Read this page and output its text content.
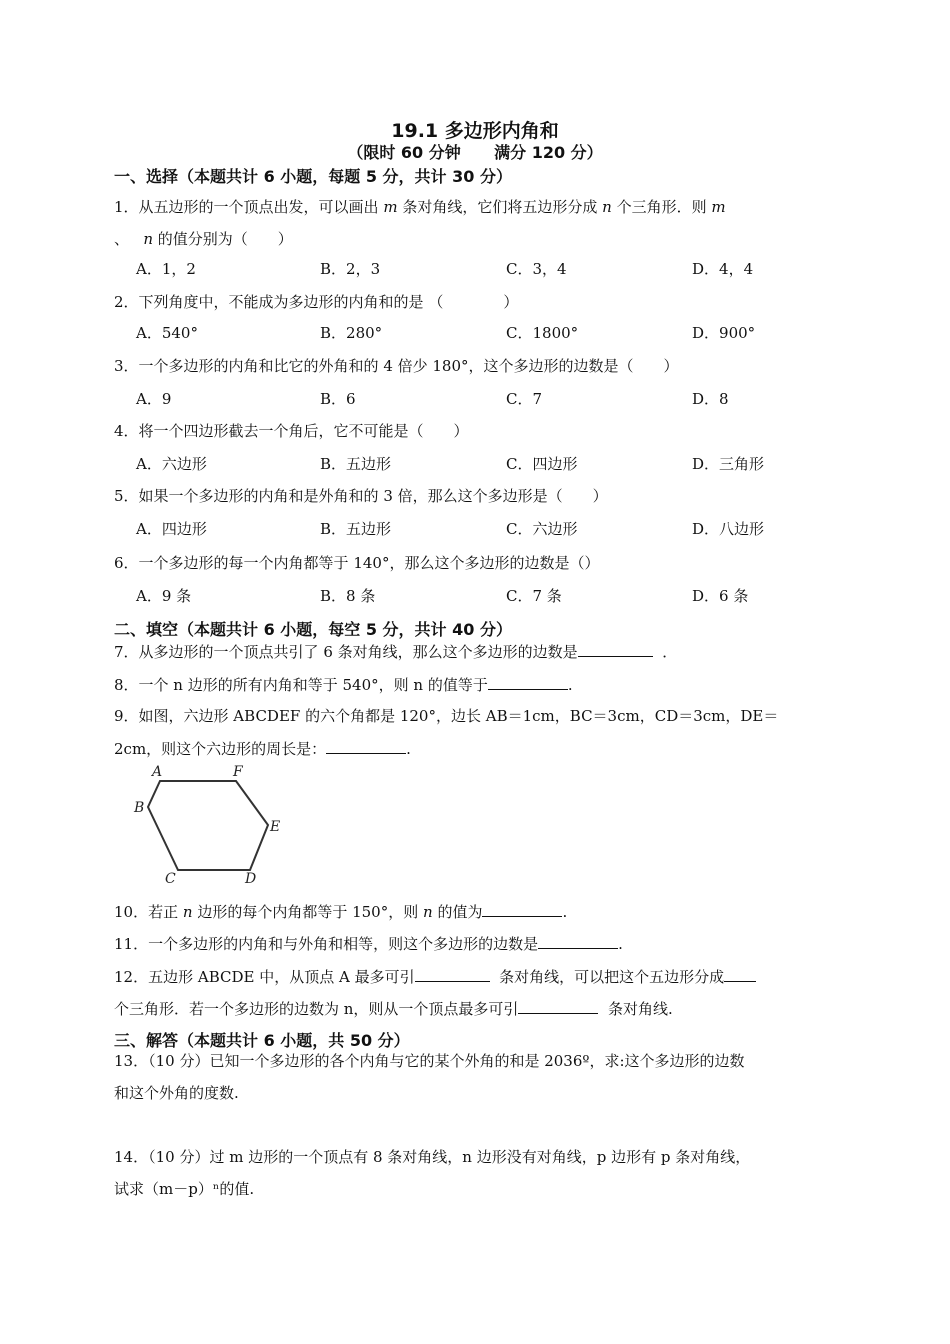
19.1 多边形内角和
（限时 60 分钟      满分 120 分）
一、选择（本题共计 6 小题，每题 5 分，共计 30 分）
1．从五边形的一个顶点出发，可以画出 m 条对角线，它们将五边形分成 n 个三角形．则 m
、 n 的值分别为（　　）
A．1，2	B．2，3	C．3，4	D．4，4
2．下列角度中，不能成为多边形的内角和的是 （　　　　）
A．540°	B．280°	C．1800°	D．900°
3．一个多边形的内角和比它的外角和的 4 倍少 180°，这个多边形的边数是（　　）
A．9	B．6	C．7	D．8
4．将一个四边形截去一个角后，它不可能是（　　）
A．六边形	B．五边形	C．四边形	D．三角形
5．如果一个多边形的内角和是外角和的 3 倍，那么这个多边形是（　　）
A．四边形	B．五边形	C．六边形	D．八边形
6．一个多边形的每一个内角都等于 140°，那么这个多边形的边数是（）
A．9 条	B．8 条	C．7 条	D．6 条
二、填空（本题共计 6 小题，每空 5 分，共计 40 分）
7．从多边形的一个顶点共引了 6 条对角线，那么这个多边形的边数是	．
8．一个 n 边形的所有内角和等于 540°，则 n 的值等于	.
9．如图，六边形 ABCDEF 的六个角都是 120°，边长 AB＝1cm，BC＝3cm，CD＝3cm，DE＝
2cm，则这个六边形的周长是：	.
A	F
B
E
C	D
10．若正 n 边形的每个内角都等于 150°，则 n 的值为	.
11．一个多边形的内角和与外角和相等，则这个多边形的边数是	.
12．五边形 ABCDE 中，从顶点 A 最多可引	条对角线，可以把这个五边形分成
个三角形．若一个多边形的边数为 n，则从一个顶点最多可引	条对角线.
三、解答（本题共计 6 小题，共 50 分）
13．（10 分）已知一个多边形的各个内角与它的某个外角的和是 2036º，求:这个多边形的边数
和这个外角的度数.
14．（10 分）过 m 边形的一个顶点有 8 条对角线，n 边形没有对角线，p 边形有 p 条对角线，
试求（m－p）ⁿ的值.
